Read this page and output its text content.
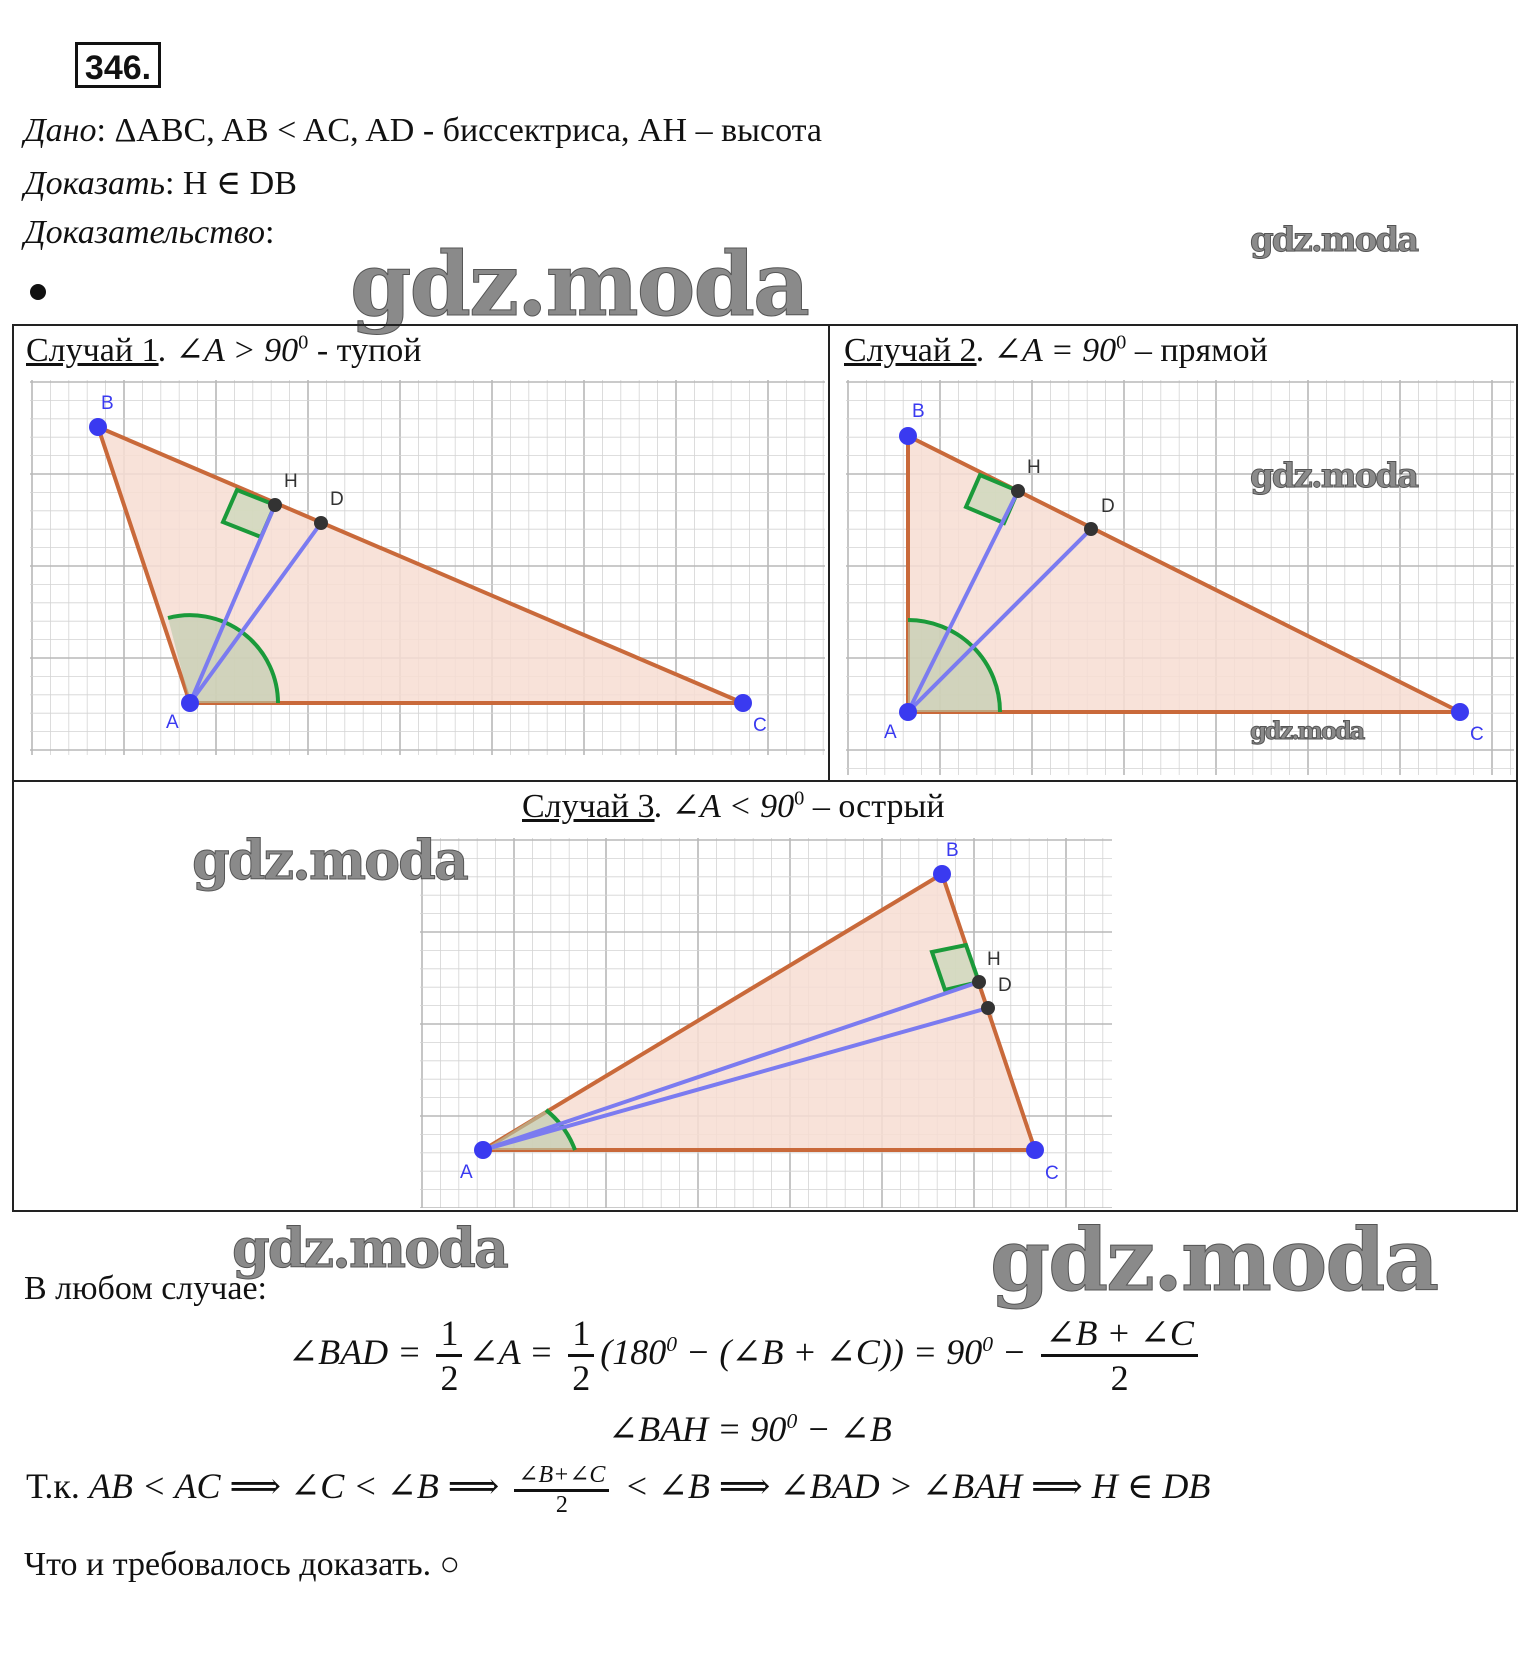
346.
Дано: ΔABC, AB < AC, AD - биссектриса, AH – высота
Доказать: H ∈ DB
Доказательство:	gdz.moda
gdz.moda
Случай 1. ∠A > $90^0$ - тупой	Случай 2. ∠A = $90^0$ – прямой
Случай 3. ∠A < $90^0$ – острый
B
A	C
H
D
B
A	C
H
D
gdz.moda
gdz.moda
B
A	C
H
D
gdz.moda
gdz.moda	gdz.moda
В любом случае:
∠BAD = $\frac{1}{2}$ ∠A = $\frac{1}{2} (180^0$ − (∠B + ∠C)) = $90^0 - \frac{\angle B + \angle C}{2}$
∠BAH = $90^0$ − ∠B
Т.к. AB < AC ⟹ ∠C < ∠B ⟹ $\frac{\angle B+\angle C}{2}$ < ∠B ⟹ ∠BAD > ∠BAH ⟹ H ∈ DB
Что и требовалось доказать. ○
